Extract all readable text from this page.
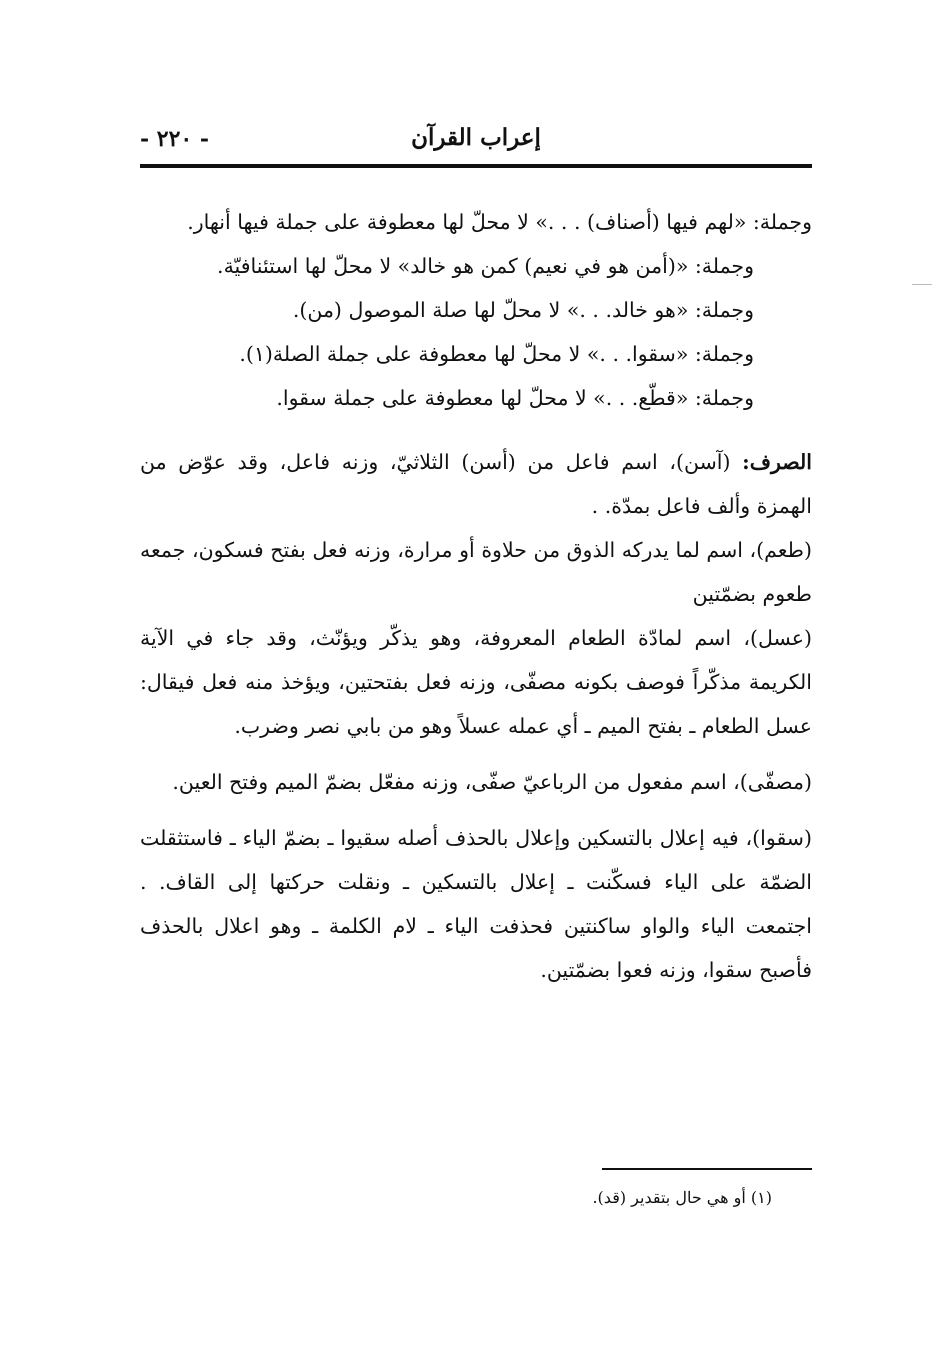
إعراب القرآن
- ٢٢٠ -

وجملة: «لهم فيها (أصناف) . . .» لا محلّ لها معطوفة على جملة فيها أنهار.

وجملة: «(أمن هو في نعيم) كمن هو خالد» لا محلّ لها استئنافيّة.

وجملة: «هو خالد. . .» لا محلّ لها صلة الموصول (من).

وجملة: «سقوا. . .» لا محلّ لها معطوفة على جملة الصلة(١).

وجملة: «قطّع. . .» لا محلّ لها معطوفة على جملة سقوا.

الصرف: (آسن)، اسم فاعل من (أسن) الثلاثيّ، وزنه فاعل، وقد عوّض من الهمزة وألف فاعل بمدّة. .

(طعم)، اسم لما يدركه الذوق من حلاوة أو مرارة، وزنه فعل بفتح فسكون، جمعه طعوم بضمّتين

(عسل)، اسم لمادّة الطعام المعروفة، وهو يذكّر ويؤنّث، وقد جاء في الآية الكريمة مذكّراً فوصف بكونه مصفّى، وزنه فعل بفتحتين، ويؤخذ منه فعل فيقال: عسل الطعام ـ بفتح الميم ـ أي عمله عسلاً وهو من بابي نصر وضرب.

(مصفّى)، اسم مفعول من الرباعيّ صفّى، وزنه مفعّل بضمّ الميم وفتح العين.

(سقوا)، فيه إعلال بالتسكين وإعلال بالحذف أصله سقيوا ـ بضمّ الياء ـ فاستثقلت الضمّة على الياء فسكّنت ـ إعلال بالتسكين ـ ونقلت حركتها إلى القاف. . اجتمعت الياء والواو ساكنتين فحذفت الياء ـ لام الكلمة ـ وهو اعلال بالحذف فأصبح سقوا، وزنه فعوا بضمّتين.

(١) أو هي حال بتقدير (قد).
